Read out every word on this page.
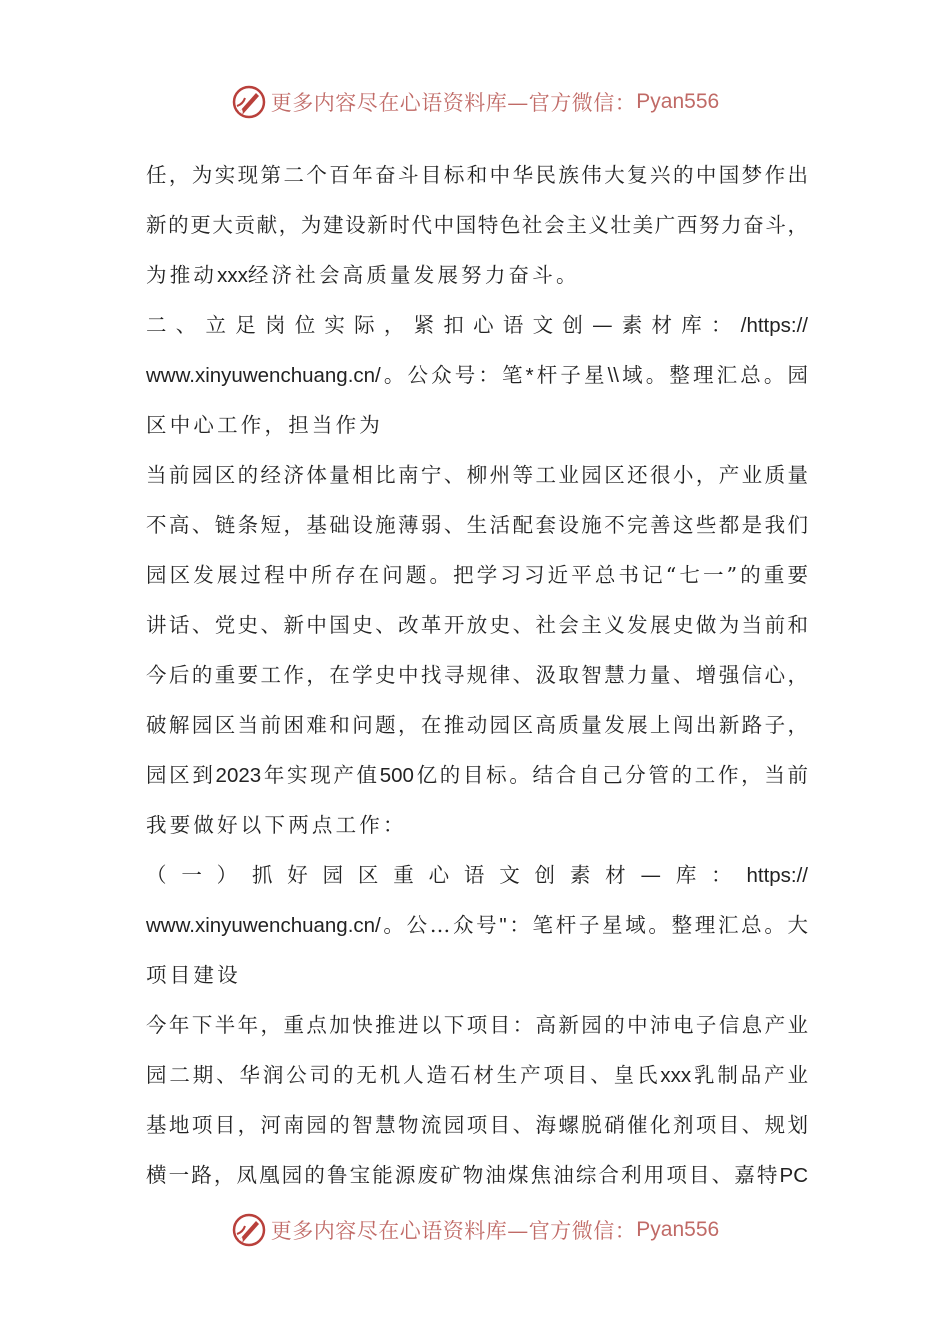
更多内容尽在心语资料库—官方微信： Pyan556
任，为实现第二个百年奋斗目标和中华民族伟大复兴的中国梦作出
新的更大贡献，为建设新时代中国特色社会主义壮美广西努力奋斗，
为推动xxx经济社会高质量发展努力奋斗。
二、立足岗位实际，紧扣心语文创—素材库：/https://
www.xinyuwenchuang.cn/。公众号：笔*杆子星\\域。整理汇总。园
区中心工作，担当作为
当前园区的经济体量相比南宁、柳州等工业园区还很小，产业质量
不高、链条短，基础设施薄弱、生活配套设施不完善这些都是我们
园区发展过程中所存在问题。把学习习近平总书记“七一”的重要
讲话、党史、新中国史、改革开放史、社会主义发展史做为当前和
今后的重要工作，在学史中找寻规律、汲取智慧力量、增强信心，
破解园区当前困难和问题，在推动园区高质量发展上闯出新路子，
园区到2023年实现产值500亿的目标。结合自己分管的工作，当前
我要做好以下两点工作：
（一）抓好园区重心语文创素材—库：https://
www.xinyuwenchuang.cn/。公…众号"：笔杆子星域。整理汇总。大
项目建设
今年下半年，重点加快推进以下项目：高新园的中沛电子信息产业
园二期、华润公司的无机人造石材生产项目、皇氏xxx乳制品产业
基地项目，河南园的智慧物流园项目、海螺脱硝催化剂项目、规划
横一路，凤凰园的鲁宝能源废矿物油煤焦油综合利用项目、嘉特PC
更多内容尽在心语资料库—官方微信： Pyan556
